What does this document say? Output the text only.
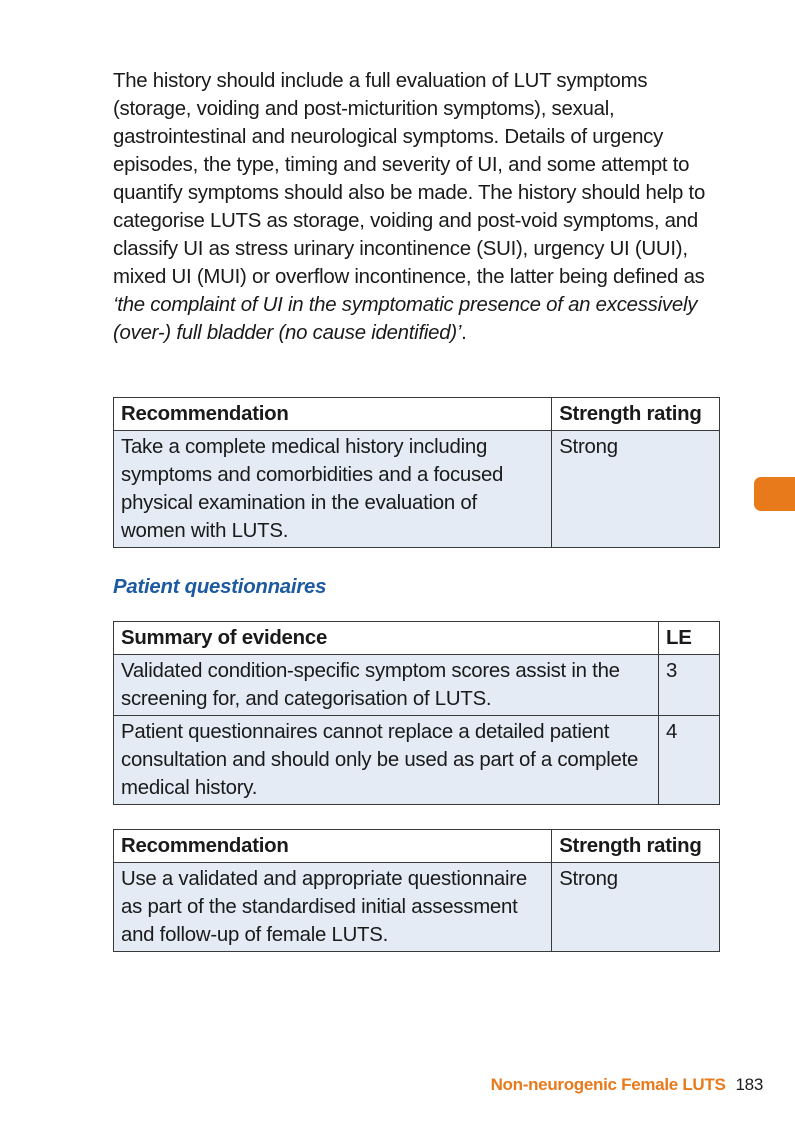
The history should include a full evaluation of LUT symptoms (storage, voiding and post-micturition symptoms), sexual, gastrointestinal and neurological symptoms. Details of urgency episodes, the type, timing and severity of UI, and some attempt to quantify symptoms should also be made. The history should help to categorise LUTS as storage, voiding and post-void symptoms, and classify UI as stress urinary incontinence (SUI), urgency UI (UUI), mixed UI (MUI) or overflow incontinence, the latter being defined as ‘the complaint of UI in the symptomatic presence of an excessively (over-) full bladder (no cause identified)’.

Recommendation	Strength rating
Take a complete medical history including symptoms and comorbidities and a focused physical examination in the evaluation of women with LUTS.	Strong
Patient questionnaires
Summary of evidence	LE
Validated condition-specific symptom scores assist in the screening for, and categorisation of LUTS.	3
Patient questionnaires cannot replace a detailed patient consultation and should only be used as part of a complete medical history.	4
Recommendation	Strength rating
Use a validated and appropriate questionnaire as part of the standardised initial assessment and follow-up of female LUTS.	Strong
Non-neurogenic Female LUTS 183
